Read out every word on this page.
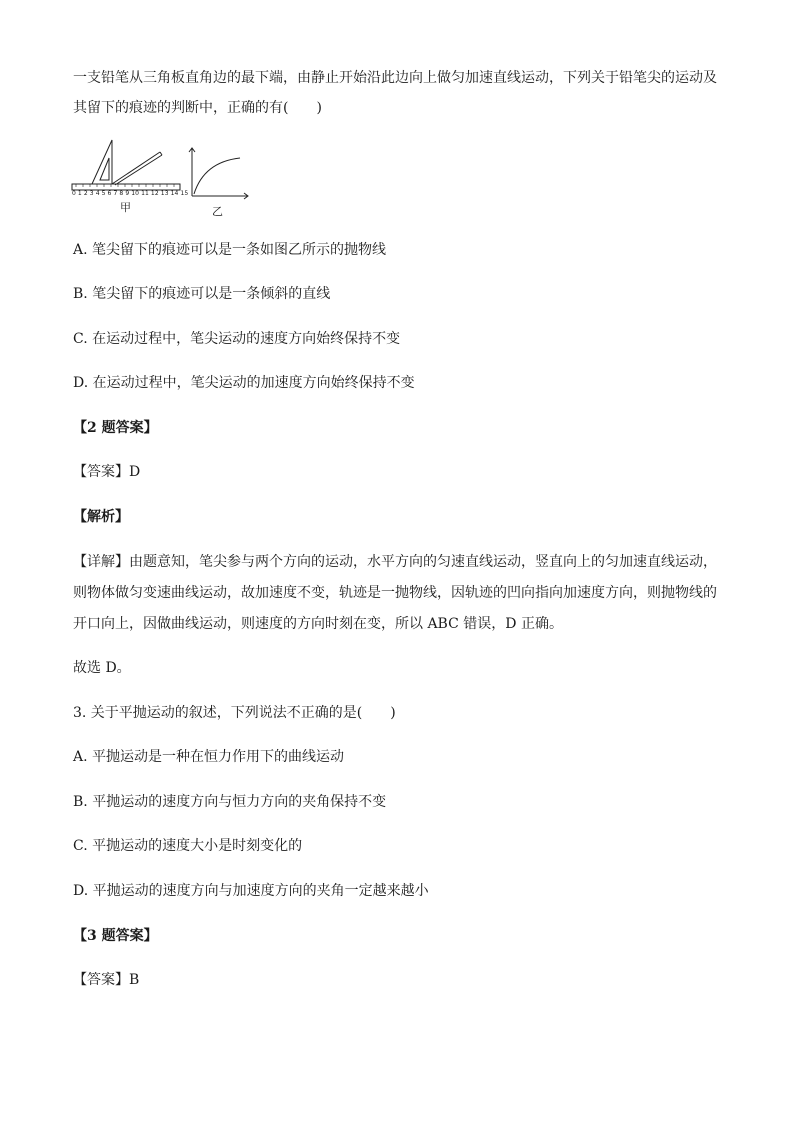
一支铅笔从三角板直角边的最下端，由静止开始沿此边向上做匀加速直线运动，下列关于铅笔尖的运动及
其留下的痕迹的判断中，正确的有(　　)
0 1 2 3 4 5 6 7 8 9 10 11 12 13 14 15
甲	乙
A. 笔尖留下的痕迹可以是一条如图乙所示的抛物线
B. 笔尖留下的痕迹可以是一条倾斜的直线
C. 在运动过程中，笔尖运动的速度方向始终保持不变
D. 在运动过程中，笔尖运动的加速度方向始终保持不变
【2 题答案】
【答案】D
【解析】
【详解】由题意知，笔尖参与两个方向的运动，水平方向的匀速直线运动，竖直向上的匀加速直线运动，
则物体做匀变速曲线运动，故加速度不变，轨迹是一抛物线，因轨迹的凹向指向加速度方向，则抛物线的
开口向上，因做曲线运动，则速度的方向时刻在变，所以 ABC 错误，D 正确。
故选 D。
3. 关于平抛运动的叙述，下列说法不正确的是(　　)
A. 平抛运动是一种在恒力作用下的曲线运动
B. 平抛运动的速度方向与恒力方向的夹角保持不变
C. 平抛运动的速度大小是时刻变化的
D. 平抛运动的速度方向与加速度方向的夹角一定越来越小
【3 题答案】
【答案】B
